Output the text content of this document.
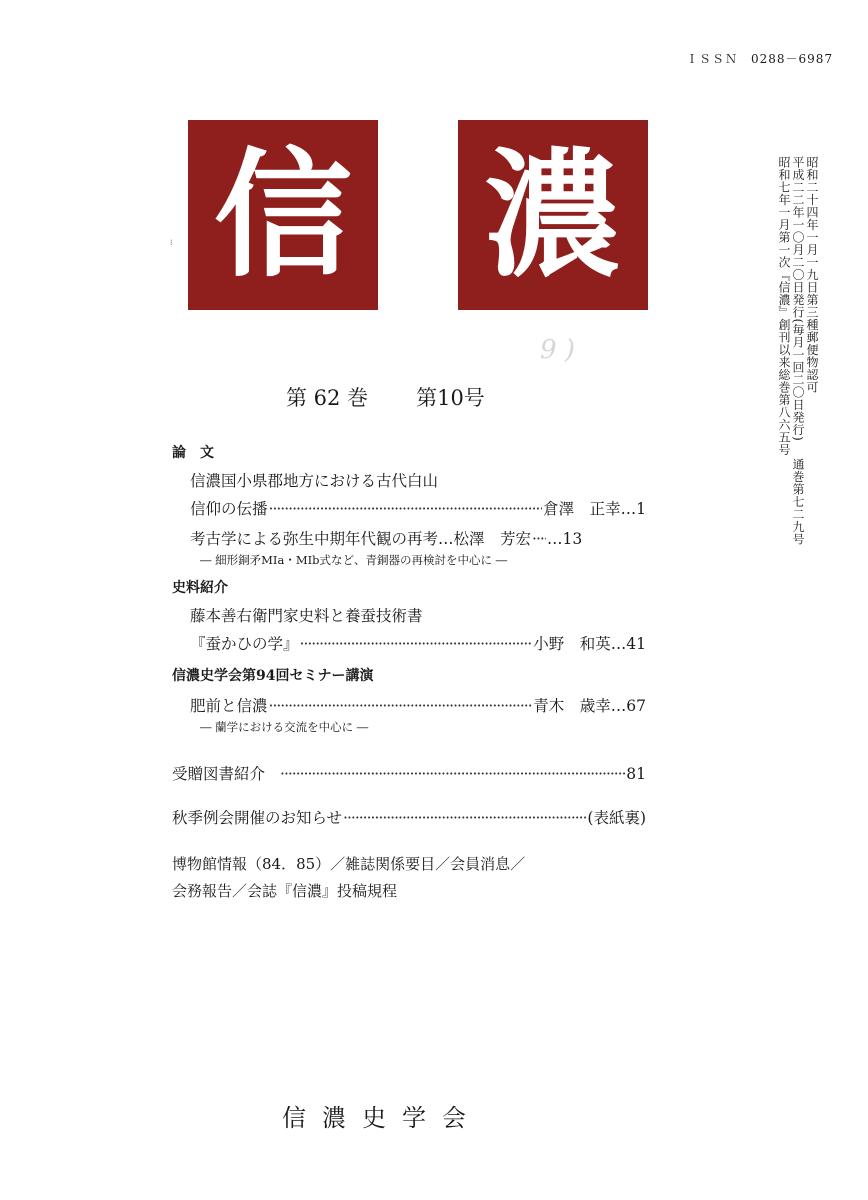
ＩＳＳＮ　0288－6987
信 濃
⁝
9 )	昭和二十四年一月一九日第三種郵便物認可
平成二二年一〇月二〇日発行(毎月一回二〇日発行)
昭和七年一月第一次『信濃』創刊以来総巻第八六五号
通巻第七二九号
第 62 巻 第10号
論　文
信濃国小県郡地方における古代白山
信仰の伝播 ·····	倉澤　正幸 … 1
考古学による弥生中期年代観の再考 … 松澤　芳宏 ····· … 13
― 細形銅矛MⅠa・MⅠb式など、青銅器の再検討を中心に ―
史料紹介
藤本善右衛門家史料と養蚕技術書
『蚕かひの学』 ·····	小野　和英 … 41
信濃史学会第94回セミナー講演
肥前と信濃 ·····	青木　歳幸 … 67
― 蘭学における交流を中心に ―
受贈図書紹介 ·····	81
秋季例会開催のお知らせ ·····	(表紙裏)
博物館情報（84．85）／雑誌関係要目／会員消息／
会務報告／会誌『信濃』投稿規程
信濃史学会
